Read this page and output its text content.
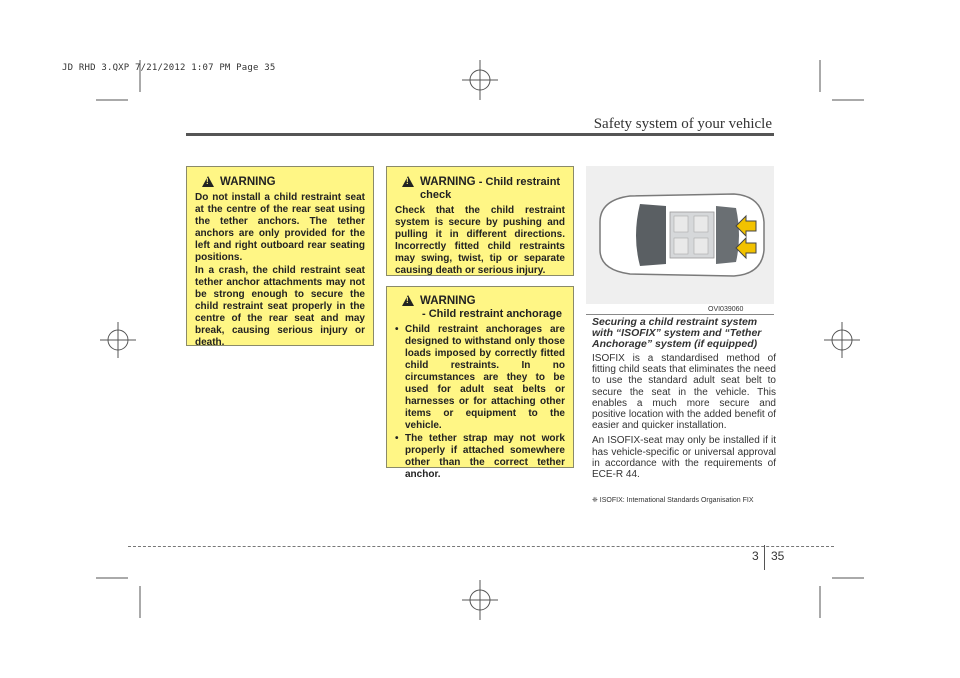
JD RHD 3.QXP 7/21/2012 1:07 PM Page 35
Safety system of your vehicle
!
WARNING

Do not install a child restraint seat at the centre of the rear seat using the tether anchors. The tether anchors are only provided for the left and right outboard rear seating positions.

In a crash, the child restraint seat tether anchor attachments may not be strong enough to secure the child restraint seat properly in the centre of the rear seat and may break, causing serious injury or death.

!
WARNING - Child restraint check

Check that the child restraint system is secure by pushing and pulling it in different directions. Incorrectly fitted child restraints may swing, twist, tip or separate causing death or serious injury.

!
WARNING
- Child restraint anchorage
• Child restraint anchorages are designed to withstand only those loads imposed by correctly fitted child restraints. In no circumstances are they to be used for adult seat belts or harnesses or for attaching other items or equipment to the vehicle.
• The tether strap may not work properly if attached somewhere other than the correct tether anchor.
OVI039060
Securing a child restraint system with “ISOFIX” system and “Tether Anchorage” system (if equipped)

ISOFIX is a standardised method of fitting child seats that eliminates the need to use the standard adult seat belt to secure the seat in the vehicle. This enables a much more secure and positive location with the added benefit of easier and quicker installation.

An ISOFIX-seat may only be installed if it has vehicle-specific or universal approval in accordance with the requirements of ECE-R 44.

❈ ISOFIX: International Standards Organisation FIX
3 35
